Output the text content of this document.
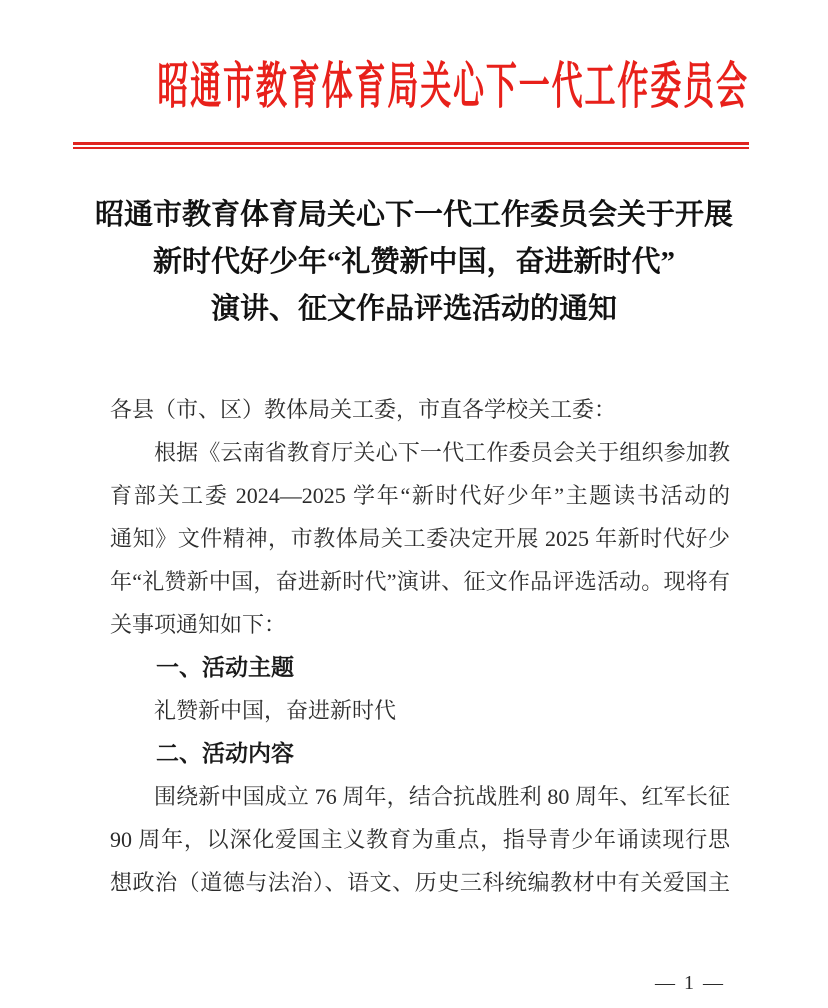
昭通市教育体育局关心下一代工作委员会
昭通市教育体育局关心下一代工作委员会关于开展
新时代好少年“礼赞新中国，奋进新时代”
演讲、征文作品评选活动的通知
各县（市、区）教体局关工委，市直各学校关工委：
根据《云南省教育厅关心下一代工作委员会关于组织参加教
育部关工委 2024—2025 学年“新时代好少年”主题读书活动的
通知》文件精神，市教体局关工委决定开展 2025 年新时代好少
年“礼赞新中国，奋进新时代”演讲、征文作品评选活动。现将有
关事项通知如下：
一、活动主题
礼赞新中国，奋进新时代
二、活动内容
围绕新中国成立 76 周年，结合抗战胜利 80 周年、红军长征
90 周年，以深化爱国主义教育为重点，指导青少年诵读现行思
想政治（道德与法治）、语文、历史三科统编教材中有关爱国主
— 1 —
